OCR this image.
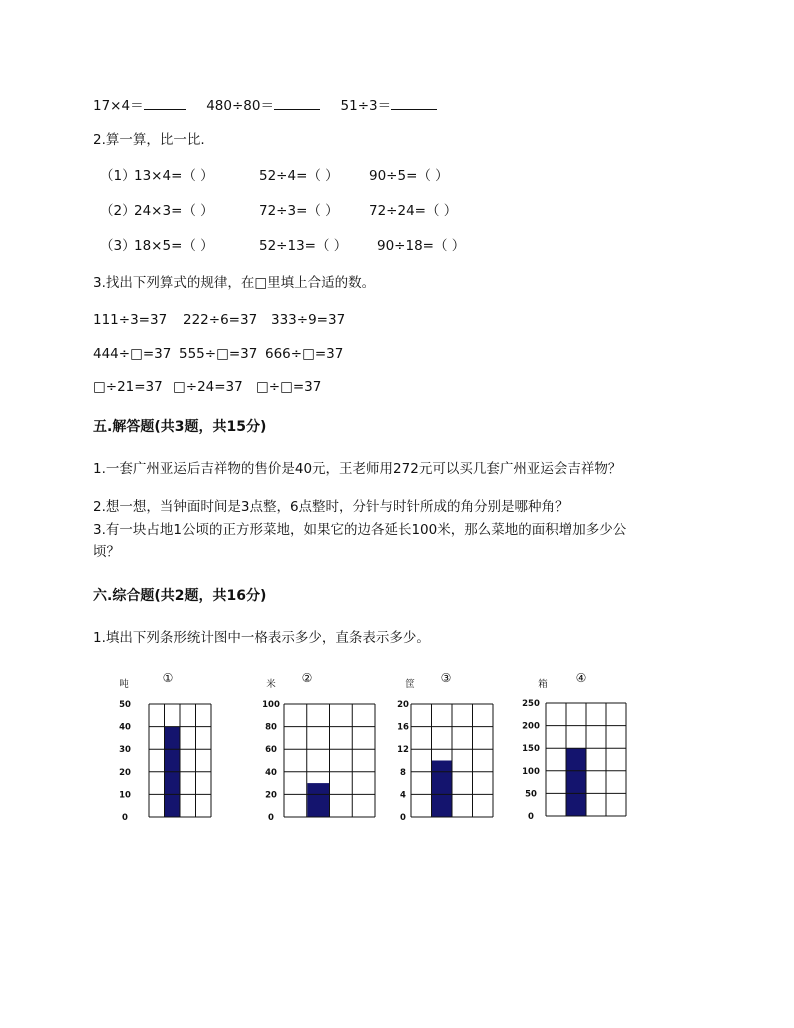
17×4＝	480÷80＝	51÷3＝
2.算一算，比一比.
（1）13×4=（ ）	52÷4=（ ） 90÷5=（ ）
（2）24×3=（ ）	72÷3=（ ） 72÷24=（ ）
（3）18×5=（ ）	52÷13=（ ） 90÷18=（ ）
3.找出下列算式的规律，在□里填上合适的数。
111÷3=37 222÷6=37 333÷9=37
444÷□=37 555÷□=37 666÷□=37
□÷21=37 □÷24=37 □÷□=37
五.解答题(共3题，共15分)
1.一套广州亚运后吉祥物的售价是40元，王老师用272元可以买几套广州亚运会吉祥物？
2.想一想，当钟面时间是3点整，6点整时，分针与时针所成的角分别是哪种角？
3.有一块占地1公顷的正方形菜地，如果它的边各延长100米，那么菜地的面积增加多少公
顷？
六.综合题(共2题，共16分)
1.填出下列条形统计图中一格表示多少，直条表示多少。
吨	①
0
10
20
30
40
50
米 ②
0
20
40
60
80
100
筐 ③
0
4
8
12
16
20
箱 ④
0
50
100
150
200
250
